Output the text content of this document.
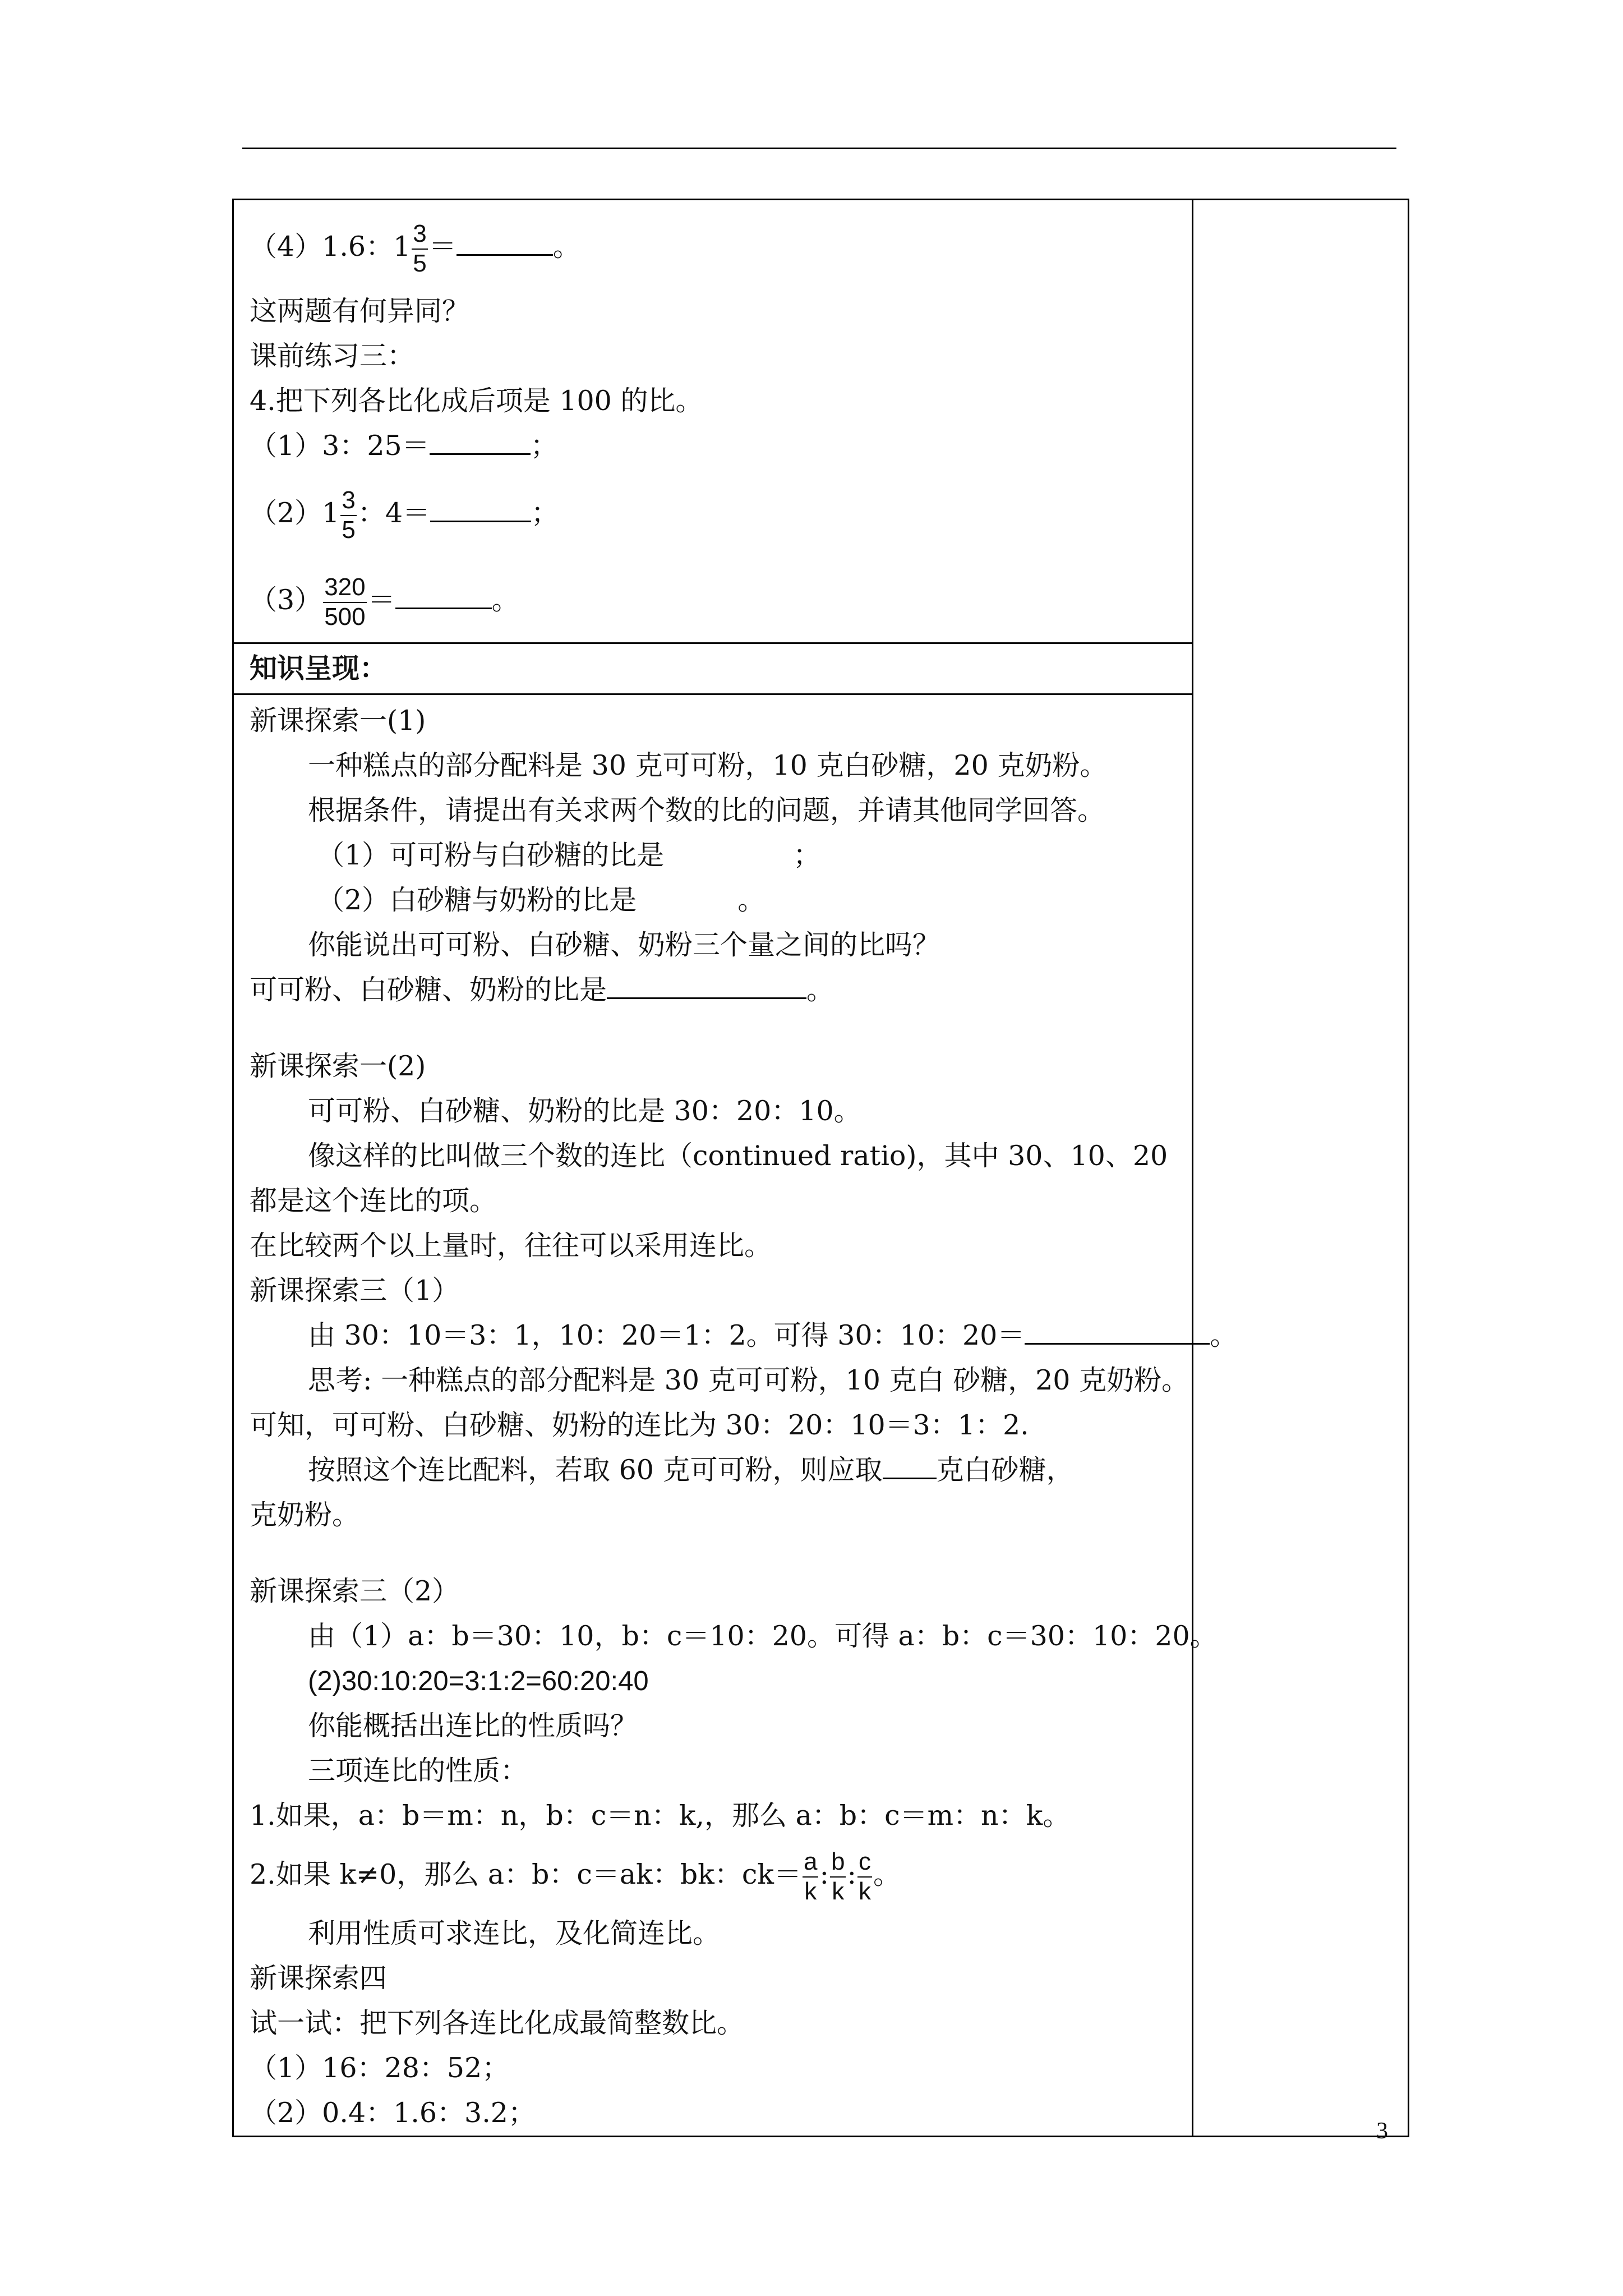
（4）1.6：$1 \frac{3}{5}$ ＝	。
这两题有何异同？
课前练习三：
4.把下列各比化成后项是 100 的比。
（1）3：25＝	；
$(2)1 \frac{3}{5}$ ：4＝	；
$(3) \frac{320}{500}$ ＝	。

知识呈现：

新课探索一(1)
一种糕点的部分配料是 30 克可可粉，10 克白砂糖，20 克奶粉。
根据条件，请提出有关求两个数的比的问题，并请其他同学回答。
（1）可可粉与白砂糖的比是	；
（2）白砂糖与奶粉的比是	。
你能说出可可粉、白砂糖、奶粉三个量之间的比吗？
可可粉、白砂糖、奶粉的比是	。
新课探索一(2)
可可粉、白砂糖、奶粉的比是 30：20：10。
像这样的比叫做三个数的连比（continued ratio)，其中 30、10、20
都是这个连比的项。
在比较两个以上量时，往往可以采用连比。
新课探索三（1）
由 30：10＝3：1，10：20＝1：2。可得 30：10：20＝	。
思考: 一种糕点的部分配料是 30 克可可粉，10 克白 砂糖，20 克奶粉。
可知，可可粉、白砂糖、奶粉的连比为 30：20：10＝3：1：2.
按照这个连比配料，若取 60 克可可粉，则应取 克白砂糖，
克奶粉。
新课探索三（2）
由（1）a：b＝30：10，b：c＝10：20。可得 a：b：c＝30：10：20。
(2)30:10:20=3:1:2=60:20:40
你能概括出连比的性质吗？
三项连比的性质：
1.如果，a：b＝m：n，b：c＝n：k,，那么 a：b：c＝m：n：k。
2.如果 k≠0，那么 a：b：c＝ak：bk：$ck= \frac{a}{k}$ : $\frac{b}{k}$ : $\frac{c}{k}$ 。
利用性质可求连比，及化简连比。
新课探索四
试一试：把下列各连比化成最简整数比。
（1）16：28：52；
（2）0.4：1.6：3.2；
3
